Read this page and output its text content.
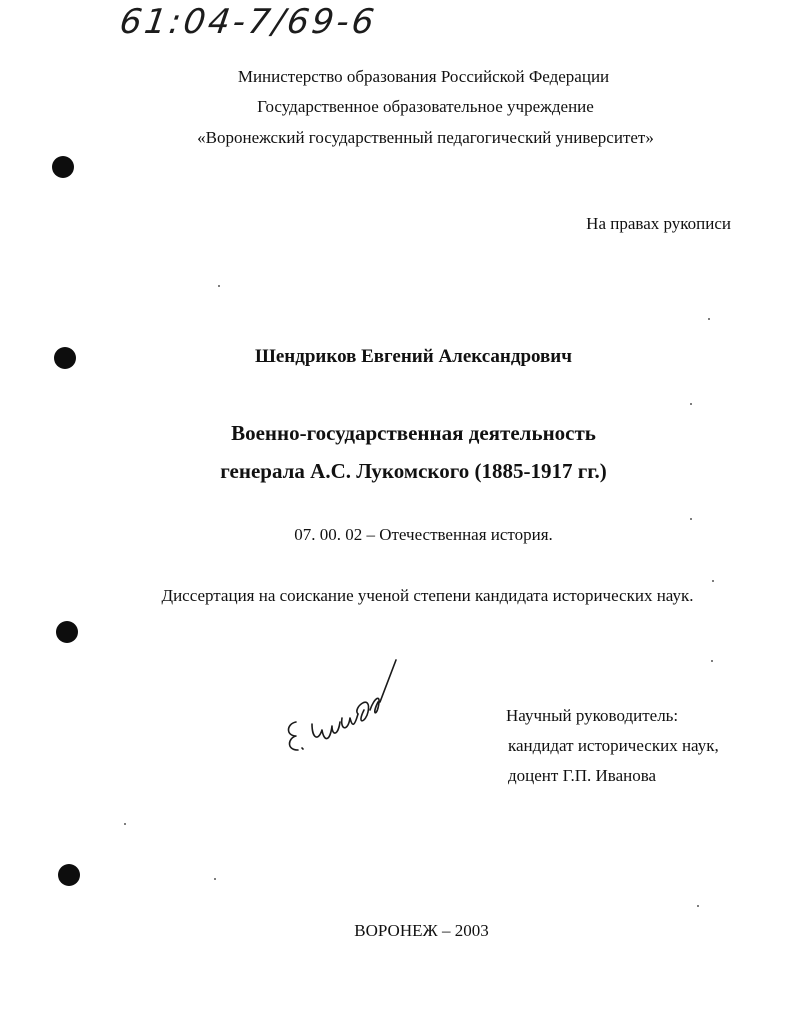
61:04-7/69-6
Министерство образования Российской Федерации
Государственное образовательное учреждение
«Воронежский государственный педагогический университет»
На правах рукописи
Шендриков Евгений Александрович
Военно-государственная деятельность
генерала А.С. Лукомского (1885-1917 гг.)
07. 00. 02 – Отечественная история.
Диссертация на соискание ученой степени кандидата исторических наук.
Научный руководитель:
кандидат исторических наук,
доцент Г.П. Иванова
ВОРОНЕЖ – 2003
